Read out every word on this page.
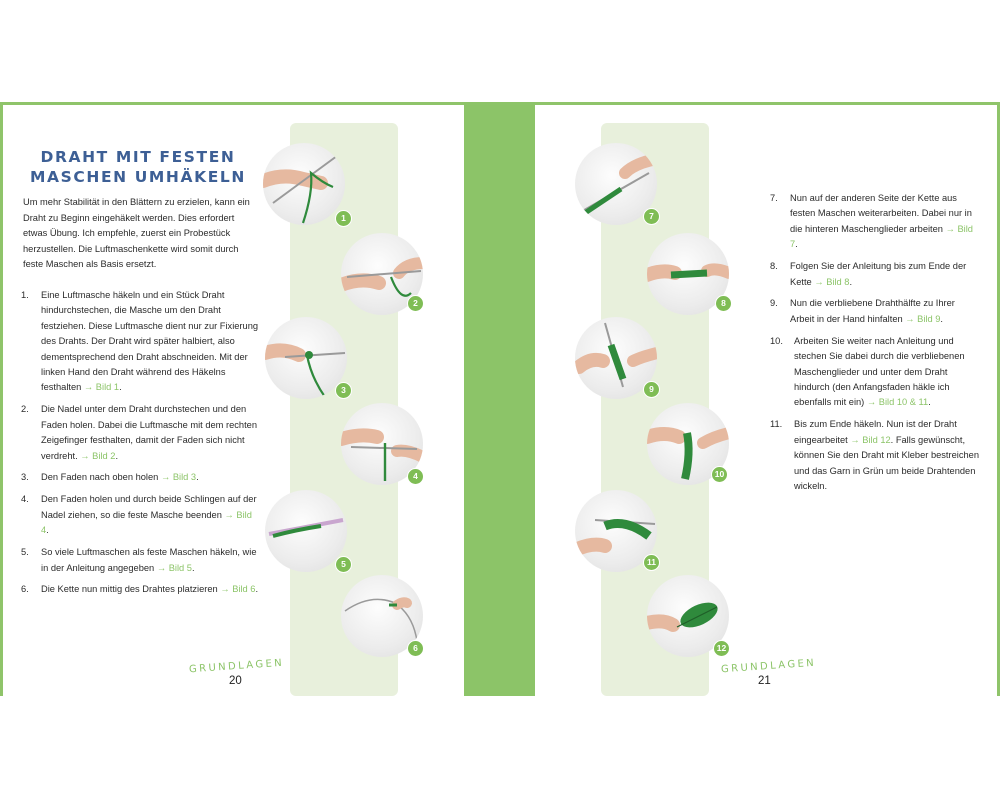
DRAHT MIT FESTEN
MASCHEN UMHÄKELN

Um mehr Stabilität in den Blättern zu erzielen, kann ein Draht zu Beginn eingehäkelt werden. Dies erfordert etwas Übung. Ich empfehle, zuerst ein Probestück herzustellen. Die Luftmaschenkette wird somit durch feste Maschen als Basis ersetzt.

1. Eine Luftmasche häkeln und ein Stück Draht hindurchstechen, die Masche um den Draht festziehen. Diese Luftmasche dient nur zur Fixierung des Drahts. Der Draht wird später halbiert, also dementsprechend den Draht abschneiden. Mit der linken Hand den Draht während des Häkelns festhalten → Bild 1.
2. Die Nadel unter dem Draht durchstechen und den Faden holen. Dabei die Luftmasche mit dem rechten Zeigefinger festhalten, damit der Faden sich nicht verdreht. → Bild 2.
3. Den Faden nach oben holen → Bild 3.
4. Den Faden holen und durch beide Schlingen auf der Nadel ziehen, so die feste Masche beenden → Bild 4.
5. So viele Luftmaschen als feste Maschen häkeln, wie in der Anleitung angegeben → Bild 5.
6. Die Kette nun mittig des Drahtes platzieren → Bild 6.
1
2
3
4
5
6
GRUNDLAGEN
20
7
8
9
10
11
12
7. Nun auf der anderen Seite der Kette aus festen Maschen weiterarbeiten. Dabei nur in die hinteren Maschenglieder arbeiten → Bild 7.
8. Folgen Sie der Anleitung bis zum Ende der Kette → Bild 8.
9. Nun die verbliebene Drahthälfte zu Ihrer Arbeit in der Hand hinfalten → Bild 9.
10. Arbeiten Sie weiter nach Anleitung und stechen Sie dabei durch die verbliebenen Maschenglieder und unter dem Draht hindurch (den Anfangsfaden häkle ich ebenfalls mit ein) → Bild 10 & 11.
11. Bis zum Ende häkeln. Nun ist der Draht eingearbeitet → Bild 12. Falls gewünscht, können Sie den Draht mit Kleber bestreichen und das Garn in Grün um beide Drahtenden wickeln.
GRUNDLAGEN
21
